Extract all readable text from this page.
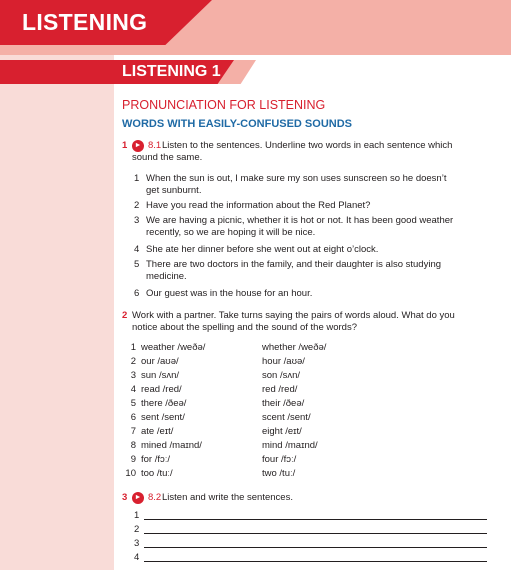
LISTENING
LISTENING 1
PRONUNCIATION FOR LISTENING
WORDS WITH EASILY-CONFUSED SOUNDS
1	► 8.1 Listen to the sentences. Underline two words in each sentence which sound the same.
1 When the sun is out, I make sure my son uses sunscreen so he doesn’t get sunburnt.
2 Have you read the information about the Red Planet?
3 We are having a picnic, whether it is hot or not. It has been good weather recently, so we are hoping it will be nice.
4 She ate her dinner before she went out at eight o’clock.
5 There are two doctors in the family, and their daughter is also studying medicine.
6 Our guest was in the house for an hour.
2 Work with a partner. Take turns saying the pairs of words aloud. What do you notice about the spelling and the sound of the words?
1 weather /weðə/	whether /weðə/
2 our /aʊə/	hour /aʊə/
3 sun /sʌn/	son /sʌn/
4 read /red/	red /red/
5 there /ðeə/	their /ðeə/
6 sent /sent/	scent /sent/
7 ate /eɪt/	eight /eɪt/
8 mined /maɪnd/	mind /maɪnd/
9 for /fɔː/	four /fɔː/
10 too /tuː/	two /tuː/
3	► 8.2 Listen and write the sentences.
1
2
3
4
